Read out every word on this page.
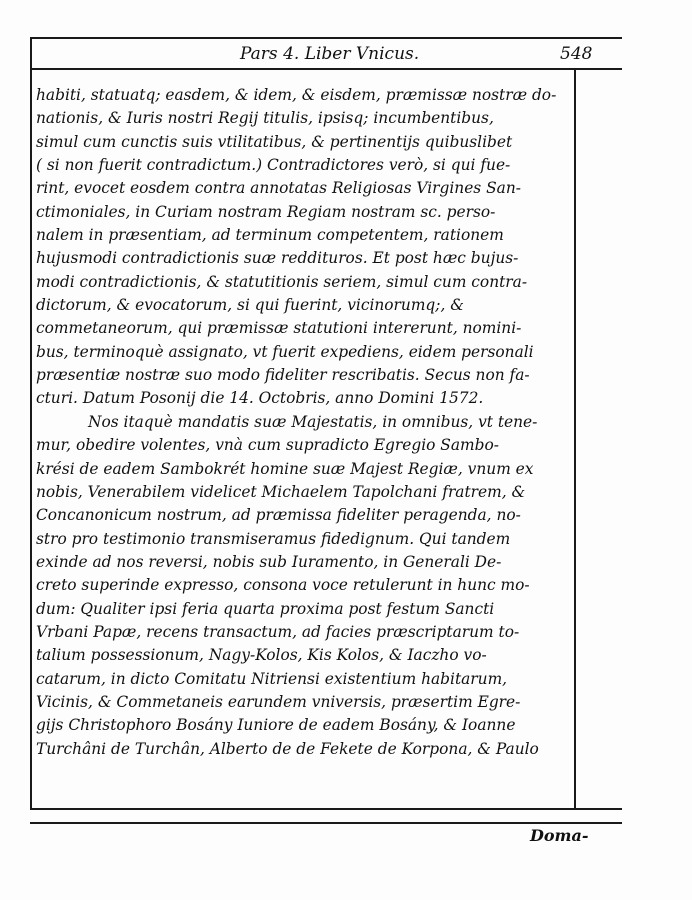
Pars 4. Liber Vnicus.	548
habiti, statuatq; easdem, & idem, & eisdem, præmissæ nostræ do-
nationis, & Iuris nostri Regij titulis, ipsisq; incumbentibus,
simul cum cunctis suis vtilitatibus, & pertinentijs quibuslibet
( si non fuerit contradictum.) Contradictores verò, si qui fue-
rint, evocet eosdem contra annotatas Religiosas Virgines San-
ctimoniales, in Curiam nostram Regiam nostram sc. perso-
nalem in præsentiam, ad terminum competentem, rationem
hujusmodi contradictionis suæ reddituros. Et post hæc bujus-
modi contradictionis, & statutitionis seriem, simul cum contra-
dictorum, & evocatorum, si qui fuerint, vicinorumq;, &
commetaneorum, qui præmissæ statutioni intererunt, nomini-
bus, terminoquè assignato, vt fuerit expediens, eidem personali
præsentiæ nostræ suo modo fideliter rescribatis. Secus non fa-
cturi. Datum Posonij die 14. Octobris, anno Domini 1572.
Nos itaquè mandatis suæ Majestatis, in omnibus, vt tene-
mur, obedire volentes, vnà cum supradicto Egregio Sambo-
krési de eadem Sambokrét homine suæ Majest Regiæ, vnum ex
nobis, Venerabilem videlicet Michaelem Tapolchani fratrem, &
Concanonicum nostrum, ad præmissa fideliter peragenda, no-
stro pro testimonio transmiseramus fidedignum. Qui tandem
exinde ad nos reversi, nobis sub Iuramento, in Generali De-
creto superinde expresso, consona voce retulerunt in hunc mo-
dum: Qualiter ipsi feria quarta proxima post festum Sancti
Vrbani Papæ, recens transactum, ad facies præscriptarum to-
talium possessionum, Nagy-Kolos, Kis Kolos, & Iaczho vo-
catarum, in dicto Comitatu Nitriensi existentium habitarum,
Vicinis, & Commetaneis earundem vniversis, præsertim Egre-
gijs Christophoro Bosány Iuniore de eadem Bosány, & Ioanne
Turchâni de Turchân, Alberto de de Fekete de Korpona, & Paulo
Doma-
